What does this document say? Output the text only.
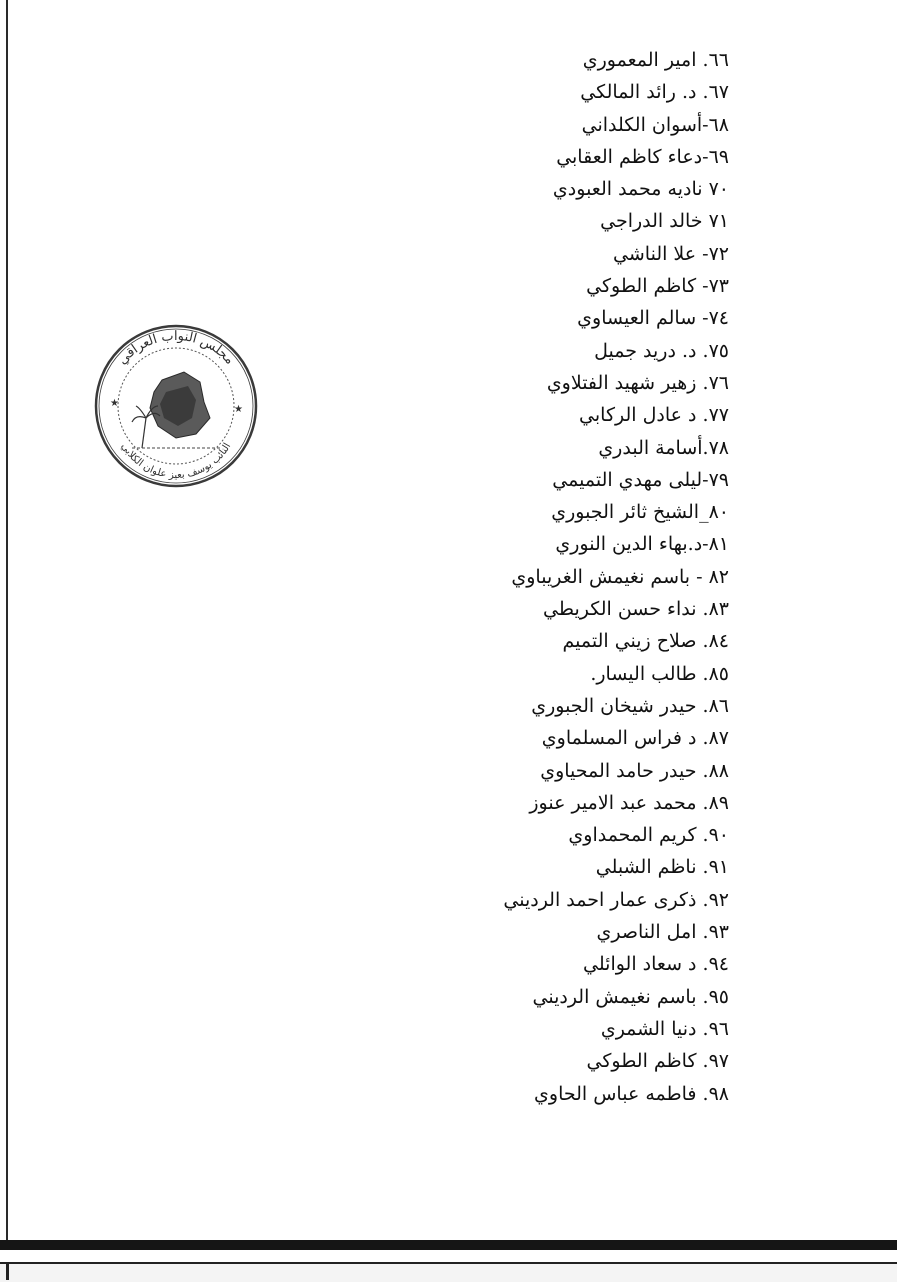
٦٦. امير المعموري
٦٧. د. رائد المالكي
٦٨-أسوان الكلداني
٦٩-دعاء كاظم العقابي
٧٠ ناديه محمد العبودي
٧١ خالد الدراجي
٧٢- علا الناشي
٧٣- كاظم الطوكي
٧٤- سالم العيساوي
٧٥. د. دريد جميل
٧٦. زهير شهيد الفتلاوي
٧٧. د عادل الركابي
٧٨.أسامة البدري
٧٩-ليلى مهدي التميمي
٨٠_الشيخ ثائر الجبوري
٨١-د.بهاء الدين النوري
٨٢ - باسم نغيمش الغريباوي
٨٣. نداء حسن الكريطي
٨٤. صلاح زيني التميم
٨٥. طالب اليسار.
٨٦. حيدر شيخان الجبوري
٨٧. د فراس المسلماوي
٨٨. حيدر حامد المحياوي
٨٩. محمد عبد الامير عنوز
٩٠. كريم المحمداوي
٩١. ناظم الشبلي
٩٢. ذكرى عمار احمد الرديني
٩٣. امل الناصري
٩٤. د سعاد الوائلي
٩٥. باسم نغيمش الرديني
٩٦. دنيا الشمري
٩٧. كاظم الطوكي
٩٨. فاطمه عباس الحاوي
مجلس النواب العراقي
النائب يوسف بعيز علوان الكلابي
★
★
